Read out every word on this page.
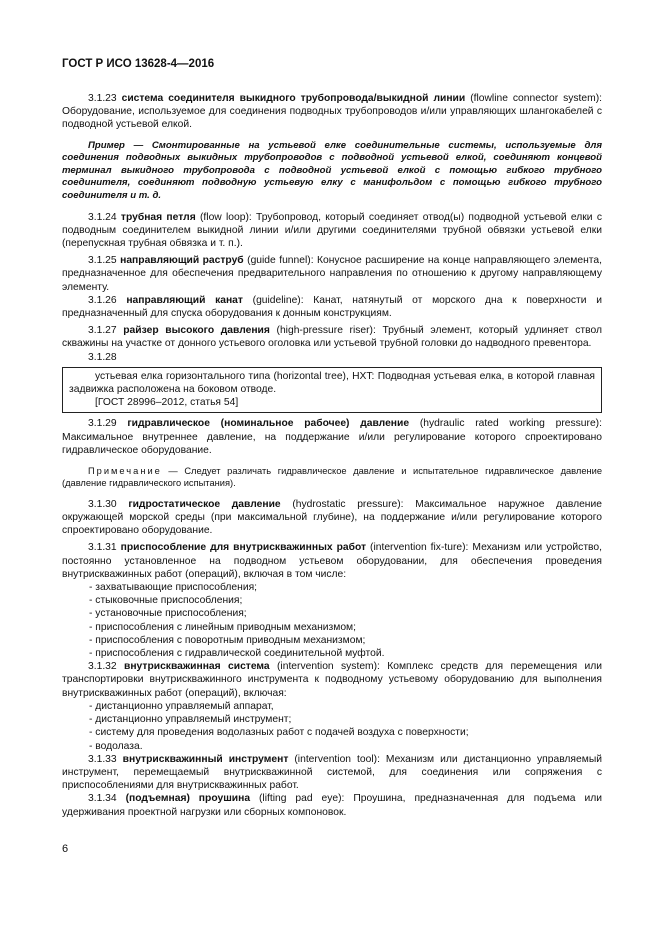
ГОСТ Р ИСО 13628-4—2016

3.1.23 система соединителя выкидного трубопровода/выкидной линии (flowline connector system): Оборудование, используемое для соединения подводных трубопроводов и/или управляющих шлангокабелей с подводной устьевой елкой.

Пример — Смонтированные на устьевой елке соединительные системы, используемые для соединения подводных выкидных трубопроводов с подводной устьевой елкой, соединяют концевой терминал выкидного трубопровода с подводной устьевой елкой с помощью гибкого трубного соединителя, соединяют подводную устьевую елку с манифольдом с помощью гибкого трубного соединителя и т. д.

3.1.24 трубная петля (flow loop): Трубопровод, который соединяет отвод(ы) подводной устьевой елки с подводным соединителем выкидной линии и/или другими соединителями трубной обвязки устьевой елки (перепускная трубная обвязка и т. п.).

3.1.25 направляющий раструб (guide funnel): Конусное расширение на конце направляющего элемента, предназначенное для обеспечения предварительного направления по отношению к другому направляющему элементу.

3.1.26 направляющий канат (guideline): Канат, натянутый от морского дна к поверхности и предназначенный для спуска оборудования к донным конструкциям.

3.1.27 райзер высокого давления (high-pressure riser): Трубный элемент, который удлиняет ствол скважины на участке от донного устьевого оголовка или устьевой трубной головки до надводного превентора.

3.1.28

устьевая елка горизонтального типа (horizontal tree), HXT: Подводная устьевая елка, в которой главная задвижка расположена на боковом отводе.

[ГОСТ 28996–2012, статья 54]

3.1.29 гидравлическое (номинальное рабочее) давление (hydraulic rated working pressure): Максимальное внутреннее давление, на поддержание и/или регулирование которого спроектировано гидравлическое оборудование.

Примечание — Следует различать гидравлическое давление и испытательное гидравлическое давление (давление гидравлического испытания).

3.1.30 гидростатическое давление (hydrostatic pressure): Максимальное наружное давление окружающей морской среды (при максимальной глубине), на поддержание и/или регулирование которого спроектировано оборудование.

3.1.31 приспособление для внутрискважинных работ (intervention fix-ture): Механизм или устройство, постоянно установленное на подводном устьевом оборудовании, для обеспечения проведения внутрискважинных работ (операций), включая в том числе:

- захватывающие приспособления;

- стыковочные приспособления;

- установочные приспособления;

- приспособления с линейным приводным механизмом;

- приспособления с поворотным приводным механизмом;

- приспособления с гидравлической соединительной муфтой.

3.1.32 внутрискважинная система (intervention system): Комплекс средств для перемещения или транспортировки внутрискважинного инструмента к подводному устьевому оборудованию для выполнения внутрискважинных работ (операций), включая:

- дистанционно управляемый аппарат,

- дистанционно управляемый инструмент;

- систему для проведения водолазных работ с подачей воздуха с поверхности;

- водолаза.

3.1.33 внутрискважинный инструмент (intervention tool): Механизм или дистанционно управляемый инструмент, перемещаемый внутрискважинной системой, для соединения или сопряжения с приспособлениями для внутрискважинных работ.

3.1.34 (подъемная) проушина (lifting pad eye): Проушина, предназначенная для подъема или удерживания проектной нагрузки или сборных компоновок.

6
